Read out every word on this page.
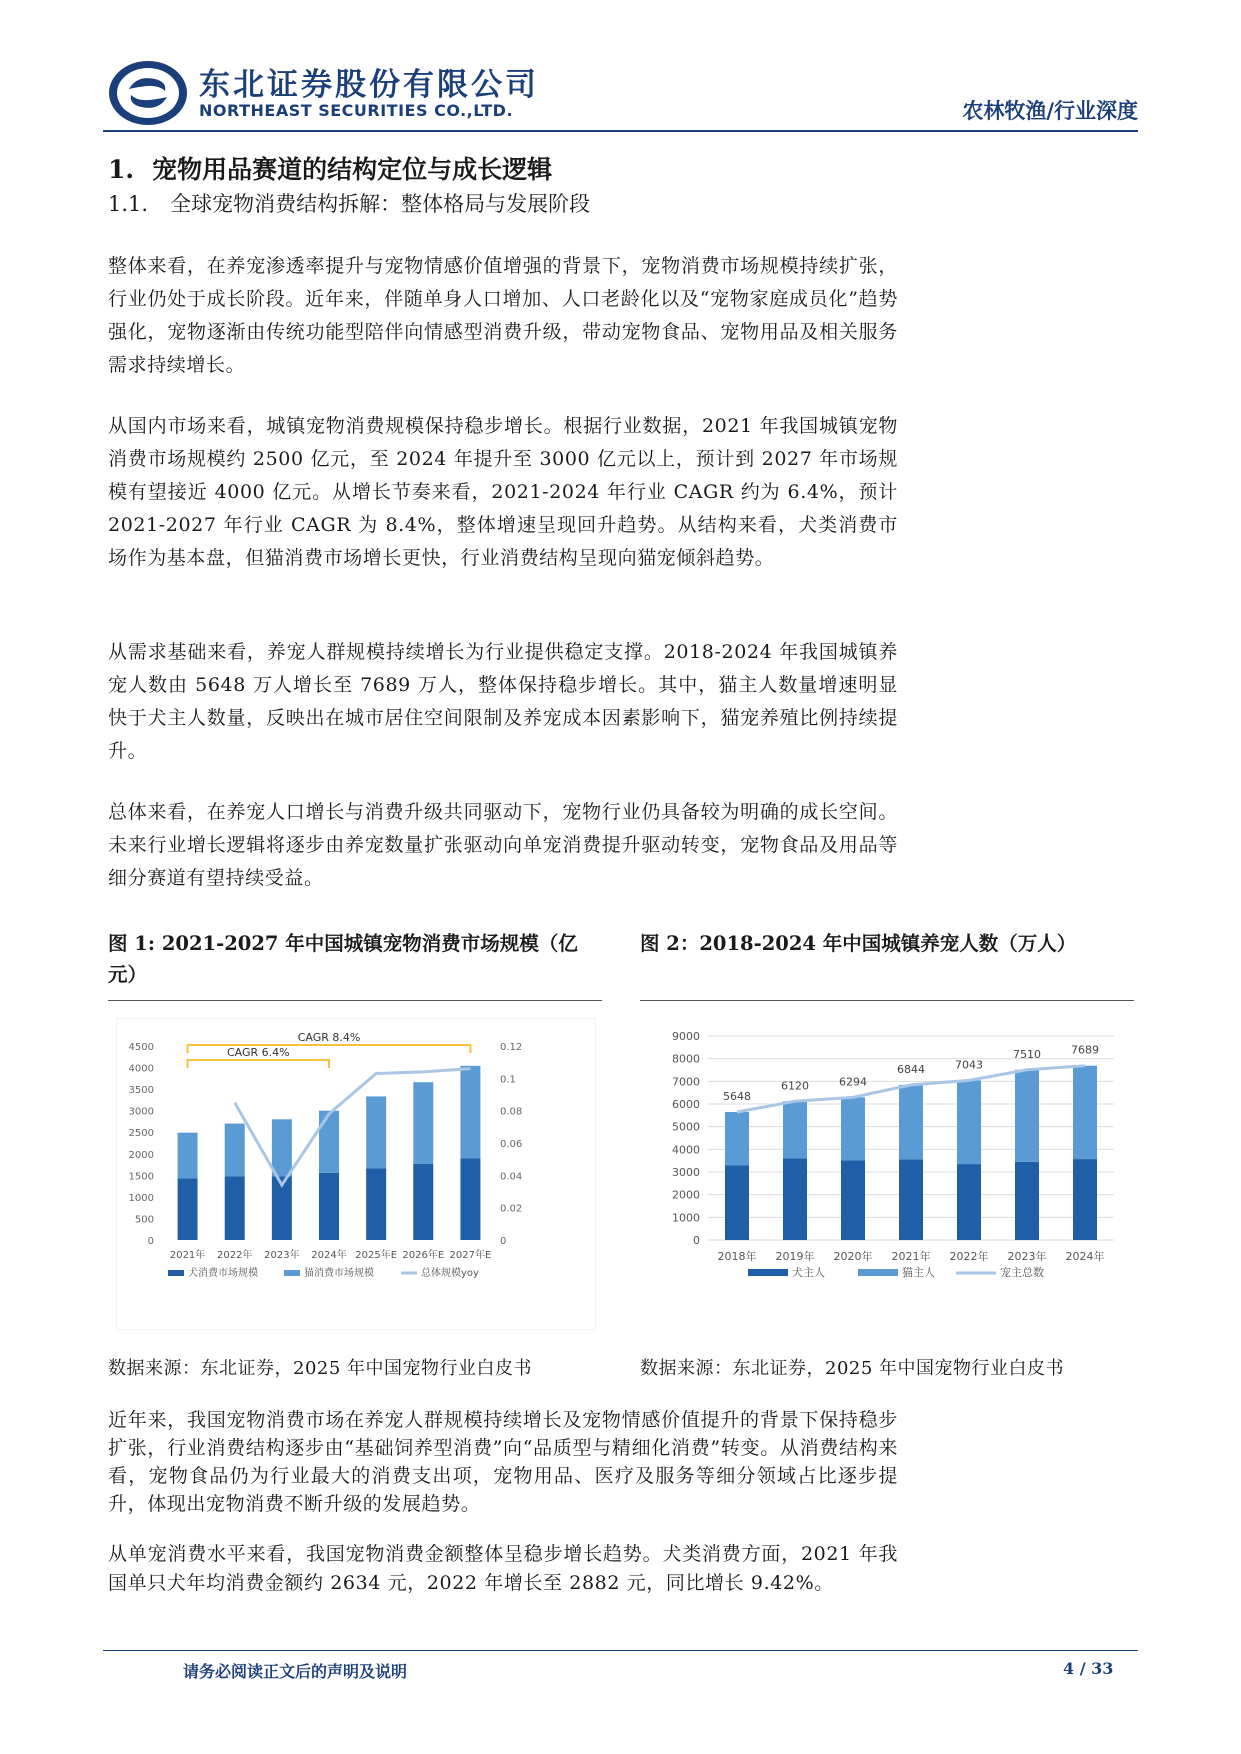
东北证券股份有限公司
NORTHEAST SECURITIES CO.,LTD.	农林牧渔/行业深度
1. 宠物用品赛道的结构定位与成长逻辑
1.1. 全球宠物消费结构拆解：整体格局与发展阶段

整体来看，在养宠渗透率提升与宠物情感价值增强的背景下，宠物消费市场规模持续扩张，行业仍处于成长阶段。近年来，伴随单身人口增加、人口老龄化以及“宠物家庭成员化”趋势强化，宠物逐渐由传统功能型陪伴向情感型消费升级，带动宠物食品、宠物用品及相关服务需求持续增长。

从国内市场来看，城镇宠物消费规模保持稳步增长。根据行业数据，2021 年我国城镇宠物消费市场规模约 2500 亿元，至 2024 年提升至 3000 亿元以上，预计到 2027 年市场规模有望接近 4000 亿元。从增长节奏来看，2021-2024 年行业 CAGR 约为 6.4%，预计 2021-2027 年行业 CAGR 为 8.4%，整体增速呈现回升趋势。从结构来看，犬类消费市场作为基本盘，但猫消费市场增长更快，行业消费结构呈现向猫宠倾斜趋势。

从需求基础来看，养宠人群规模持续增长为行业提供稳定支撑。2018-2024 年我国城镇养宠人数由 5648 万人增长至 7689 万人，整体保持稳步增长。其中，猫主人数量增速明显快于犬主人数量，反映出在城市居住空间限制及养宠成本因素影响下，猫宠养殖比例持续提升。

总体来看，在养宠人口增长与消费升级共同驱动下，宠物行业仍具备较为明确的成长空间。未来行业增长逻辑将逐步由养宠数量扩张驱动向单宠消费提升驱动转变，宠物食品及用品等细分赛道有望持续受益。

图 1: 2021-2027 年中国城镇宠物消费市场规模（亿元）
0
500
1000
1500
2000
2500
3000
3500
4000
4500
0
0.02
0.04
0.06
0.08
0.1
0.12
2021年 2022年 2023年 2024年 2025年E 2026年E 2027年E
CAGR 6.4%
CAGR 8.4%
犬消费市场规模	猫消费市场规模	总体规模yoy
数据来源：东北证券，2025 年中国宠物行业白皮书
图 2：2018-2024 年中国城镇养宠人数（万人）
0
1000
2000
3000
4000
5000
6000
7000
8000
9000
2018年 2019年 2020年 2021年 2022年 2023年 2024年
5648
6120	6294
6844	7043
7510	7689
犬主人	猫主人	宠主总数
数据来源：东北证券，2025 年中国宠物行业白皮书

近年来，我国宠物消费市场在养宠人群规模持续增长及宠物情感价值提升的背景下保持稳步扩张，行业消费结构逐步由“基础饲养型消费”向“品质型与精细化消费”转变。从消费结构来看，宠物食品仍为行业最大的消费支出项，宠物用品、医疗及服务等细分领域占比逐步提升，体现出宠物消费不断升级的发展趋势。

从单宠消费水平来看，我国宠物消费金额整体呈稳步增长趋势。犬类消费方面，2021 年我国单只犬年均消费金额约 2634 元，2022 年增长至 2882 元，同比增长 9.42%。

请务必阅读正文后的声明及说明	4 / 33
